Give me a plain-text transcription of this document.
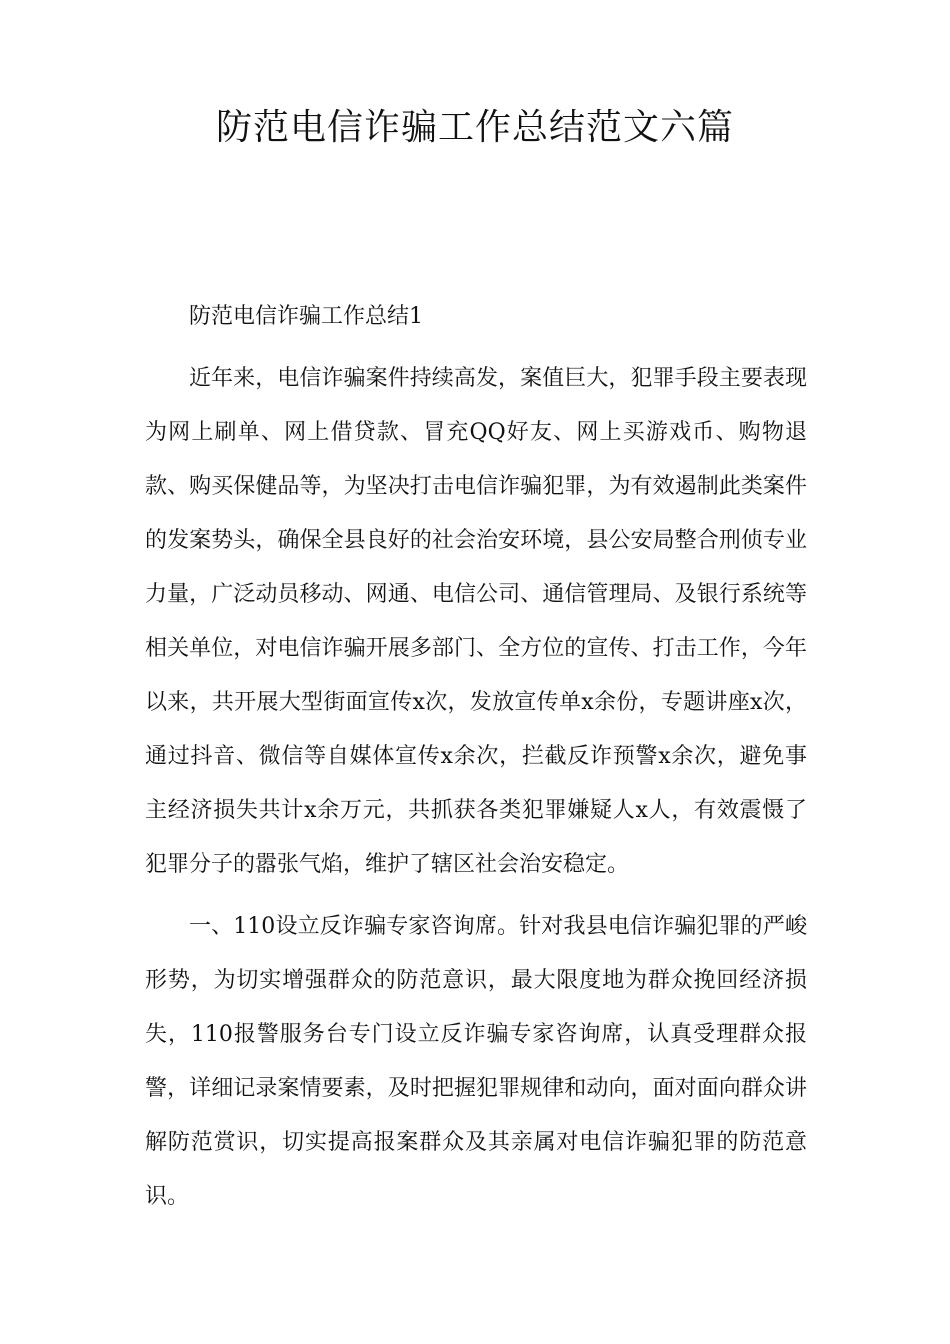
防范电信诈骗工作总结范文六篇

防范电信诈骗工作总结1

近年来，电信诈骗案件持续高发，案值巨大，犯罪手段主要表现为网上刷单、网上借贷款、冒充QQ好友、网上买游戏币、购物退款、购买保健品等，为坚决打击电信诈骗犯罪，为有效遏制此类案件的发案势头，确保全县良好的社会治安环境，县公安局整合刑侦专业力量，广泛动员移动、网通、电信公司、通信管理局、及银行系统等相关单位，对电信诈骗开展多部门、全方位的宣传、打击工作，今年以来，共开展大型街面宣传x次，发放宣传单x余份，专题讲座x次，通过抖音、微信等自媒体宣传x余次，拦截反诈预警x余次，避免事主经济损失共计x余万元，共抓获各类犯罪嫌疑人x人，有效震慑了犯罪分子的嚣张气焰，维护了辖区社会治安稳定。

一、110设立反诈骗专家咨询席。针对我县电信诈骗犯罪的严峻形势，为切实增强群众的防范意识，最大限度地为群众挽回经济损失，110报警服务台专门设立反诈骗专家咨询席，认真受理群众报警，详细记录案情要素，及时把握犯罪规律和动向，面对面向群众讲解防范赏识，切实提高报案群众及其亲属对电信诈骗犯罪的防范意识。
